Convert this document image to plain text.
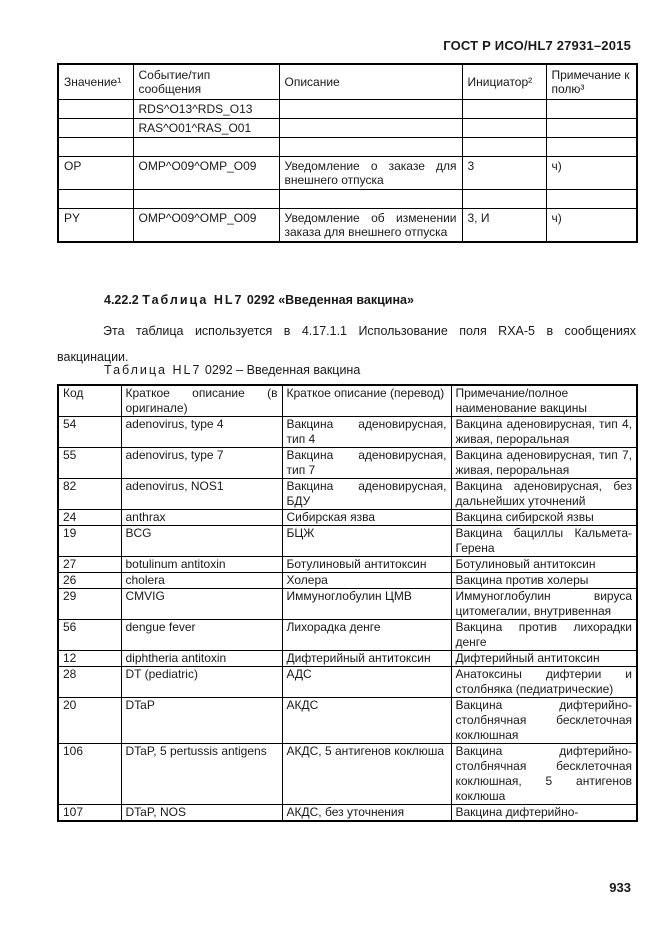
ГОСТ Р ИСО/HL7 27931–2015
Значение¹	Событие/тип сообщения	Описание	Инициатор²	Примечание к полю³
	RDS^O13^RDS_O13			
	RAS^O01^RAS_O01			

OP	OMP^O09^OMP_O09	Уведомление о заказе для внешнего отпуска	3	ч)

PY	OMP^O09^OMP_O09	Уведомление об изменении заказа для внешнего отпуска	3, И	ч)
4.22.2 Таблица HL7 0292 «Введенная вакцина»
Эта таблица используется в 4.17.1.1 Использование поля RXA-5 в сообщениях вакцинации.
Таблица HL7 0292 – Введенная вакцина
Код	Краткое описание (в оригинале)	Краткое описание (перевод)	Примечание/полное наименование вакцины
54	adenovirus, type 4	Вакцина аденовирусная, тип 4	Вакцина аденовирусная, тип 4, живая, пероральная
55	adenovirus, type 7	Вакцина аденовирусная, тип 7	Вакцина аденовирусная, тип 7, живая, пероральная
82	adenovirus, NOS1	Вакцина аденовирусная, БДУ	Вакцина аденовирусная, без дальнейших уточнений
24	anthrax	Сибирская язва	Вакцина сибирской язвы
19	BCG	БЦЖ	Вакцина бациллы Кальмета-Герена
27	botulinum antitoxin	Ботулиновый антитоксин	Ботулиновый антитоксин
26	cholera	Холера	Вакцина против холеры
29	CMVIG	Иммуноглобулин ЦМВ	Иммуноглобулин вируса цитомегалии, внутривенная
56	dengue fever	Лихорадка денге	Вакцина против лихорадки денге
12	diphtheria antitoxin	Дифтерийный антитоксин	Дифтерийный антитоксин
28	DT (pediatric)	АДС	Анатоксины дифтерии и столбняка (педиатрические)
20	DTaP	АКДС	Вакцина дифтерийно-столбнячная бесклеточная коклюшная
106	DTaP, 5 pertussis antigens	АКДС, 5 антигенов коклюша	Вакцина дифтерийно-столбнячная бесклеточная коклюшная, 5 антигенов коклюша
107	DTaP, NOS	АКДС, без уточнения	Вакцина дифтерийно-
933
